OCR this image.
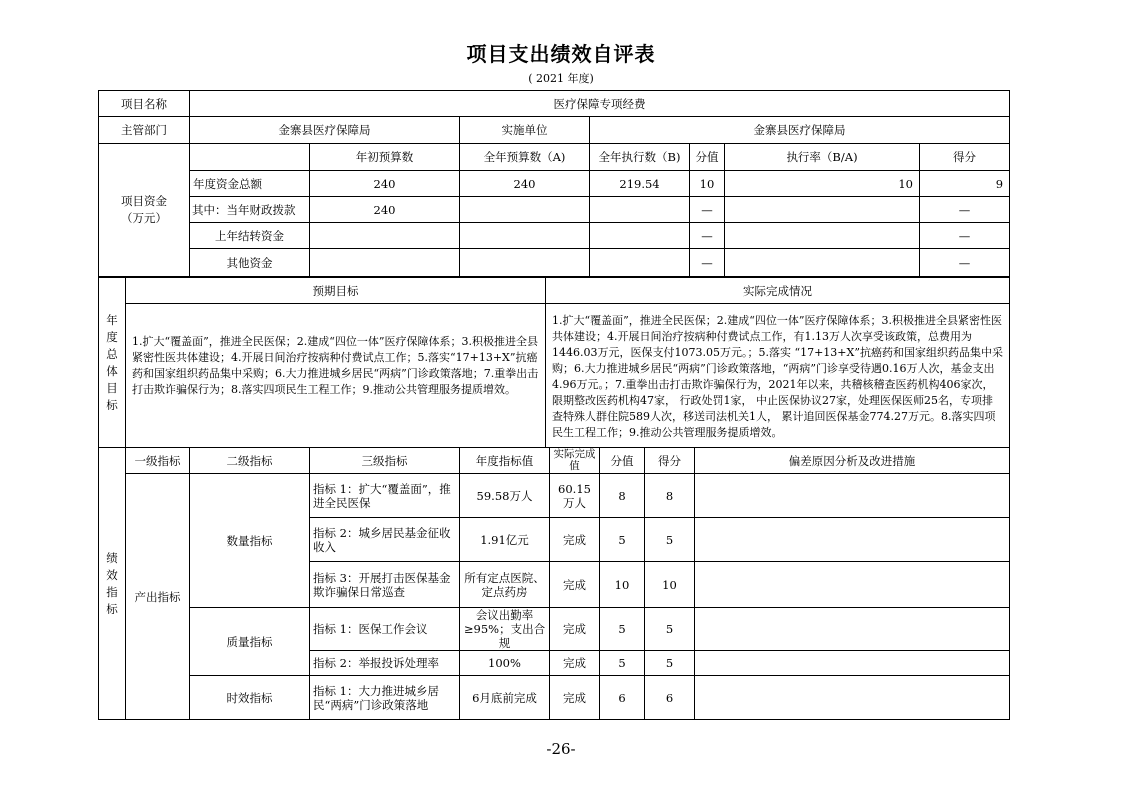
项目支出绩效自评表
( 2021 年度)
项目名称	医疗保障专项经费						
主管部门	金寨县医疗保障局		实施单位	金寨县医疗保障局			
项目资金（万元）		年初预算数	全年预算数（A)	全年执行数（B)	分值	执行率（B/A)	得分
	年度资金总额	240	240	219.54	10	10	9
	其中：当年财政拨款	240			—		—
	上年结转资金				—		—
	其他资金				—		—
年度总体目标	预期目标	实际完成情况
	1.扩大“覆盖面”，推进全民医保；2.建成“四位一体”医疗保障体系；3.积极推进全县紧密性医共体建设；4.开展日间治疗按病种付费试点工作；5.落实“17+13+X”抗癌药和国家组织药品集中采购；6.大力推进城乡居民“两病”门诊政策落地；7.重拳出击打击欺诈骗保行为；8.落实四项民生工程工作；9.推动公共管理服务提质增效。	1.扩大“覆盖面”，推进全民医保；2.建成“四位一体”医疗保障体系；3.积极推进全县紧密性医共体建设；4.开展日间治疗按病种付费试点工作，有1.13万人次享受该政策，总费用为1446.03万元，医保支付1073.05万元。；5.落实 “17+13+X”抗癌药和国家组织药品集中采购；6.大力推进城乡居民“两病”门诊政策落地，“两病”门诊享受待遇0.16万人次，基金支出4.96万元。；7.重拳出击打击欺诈骗保行为，2021年以来，共稽核稽查医药机构406家次，限期整改医药机构47家， 行政处罚1家， 中止医保协议27家，处理医保医师25名，专项排查特殊人群住院589人次，移送司法机关1人， 累计追回医保基金774.27万元。8.落实四项民生工程工作；9.推动公共管理服务提质增效。
绩效指标	一级指标	二级指标	三级指标	年度指标值	实际完成值	分值	得分	偏差原因分析及改进措施
	产出指标	数量指标	指标 1：扩大“覆盖面”，推进全民医保	59.58万人	60.15万人	8	8	
			指标 2：城乡居民基金征收收入	1.91亿元	完成	5	5	
			指标 3：开展打击医保基金欺诈骗保日常巡查	所有定点医院、定点药房	完成	10	10	
		质量指标	指标 1：医保工作会议	会议出勤率≥95%；支出合规	完成	5	5	
			指标 2：举报投诉处理率	100%	完成	5	5	
		时效指标	指标 1：大力推进城乡居民“两病”门诊政策落地	6月底前完成	完成	6	6	
-26-
